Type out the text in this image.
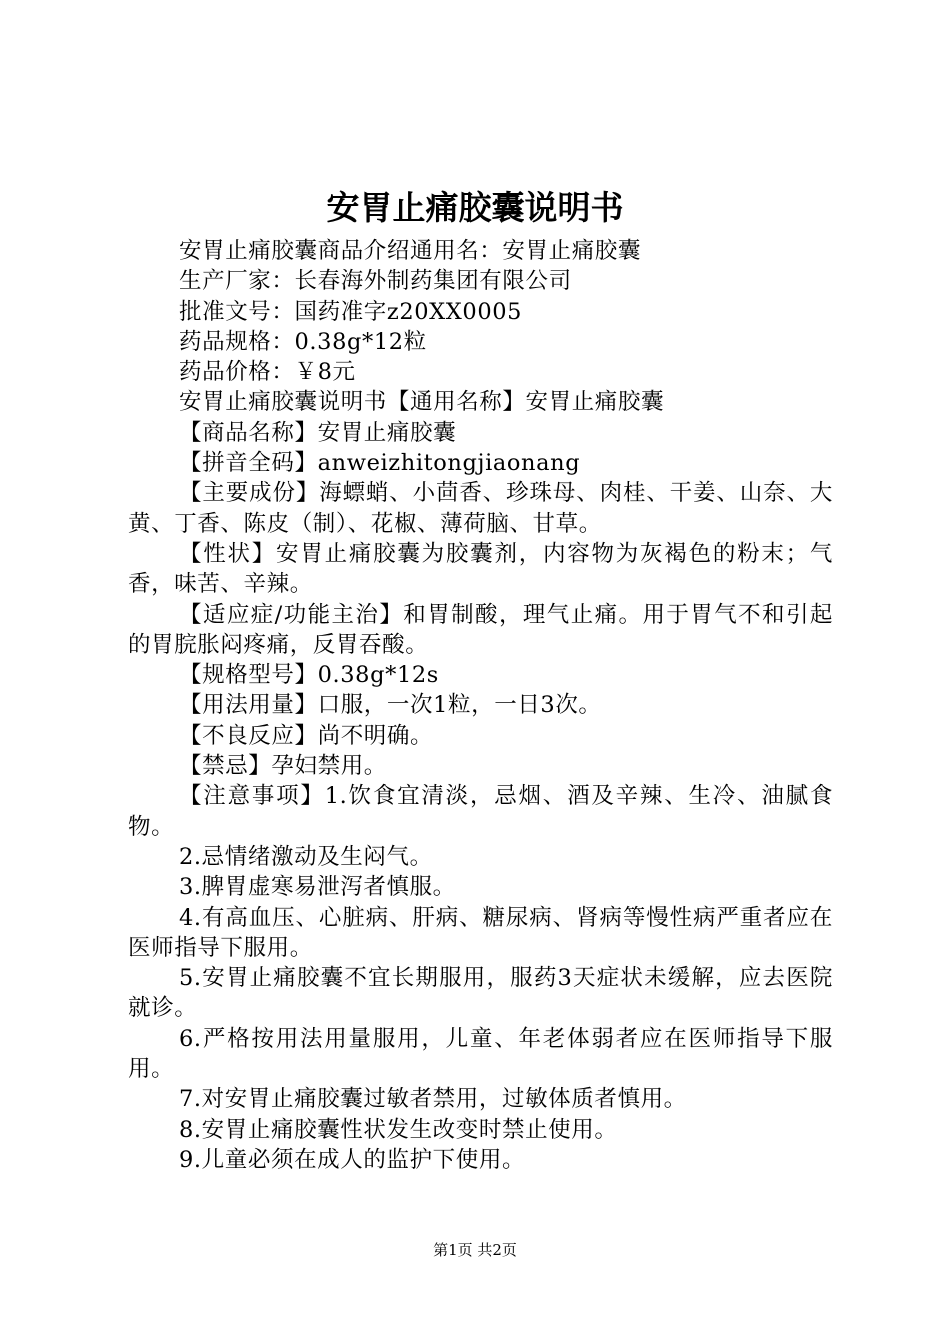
安胃止痛胶囊说明书

安胃止痛胶囊商品介绍通用名：安胃止痛胶囊

生产厂家：长春海外制药集团有限公司

批准文号：国药准字z20XX0005

药品规格：0.38g*12粒

药品价格：￥8元

安胃止痛胶囊说明书【通用名称】安胃止痛胶囊

【商品名称】安胃止痛胶囊

【拼音全码】anweizhitongjiaonang

【主要成份】海螵蛸、小茴香、珍珠母、肉桂、干姜、山奈、大黄、丁香、陈皮（制）、花椒、薄荷脑、甘草。

【性状】安胃止痛胶囊为胶囊剂，内容物为灰褐色的粉末；气香，味苦、辛辣。

【适应症/功能主治】和胃制酸，理气止痛。用于胃气不和引起的胃脘胀闷疼痛，反胃吞酸。

【规格型号】0.38g*12s

【用法用量】口服，一次1粒，一日3次。

【不良反应】尚不明确。

【禁忌】孕妇禁用。

【注意事项】1.饮食宜清淡，忌烟、酒及辛辣、生冷、油腻食物。

2.忌情绪激动及生闷气。

3.脾胃虚寒易泄泻者慎服。

4.有高血压、心脏病、肝病、糖尿病、肾病等慢性病严重者应在医师指导下服用。

5.安胃止痛胶囊不宜长期服用，服药3天症状未缓解，应去医院就诊。

6.严格按用法用量服用，儿童、年老体弱者应在医师指导下服用。

7.对安胃止痛胶囊过敏者禁用，过敏体质者慎用。

8.安胃止痛胶囊性状发生改变时禁止使用。

9.儿童必须在成人的监护下使用。

第1页 共2页
